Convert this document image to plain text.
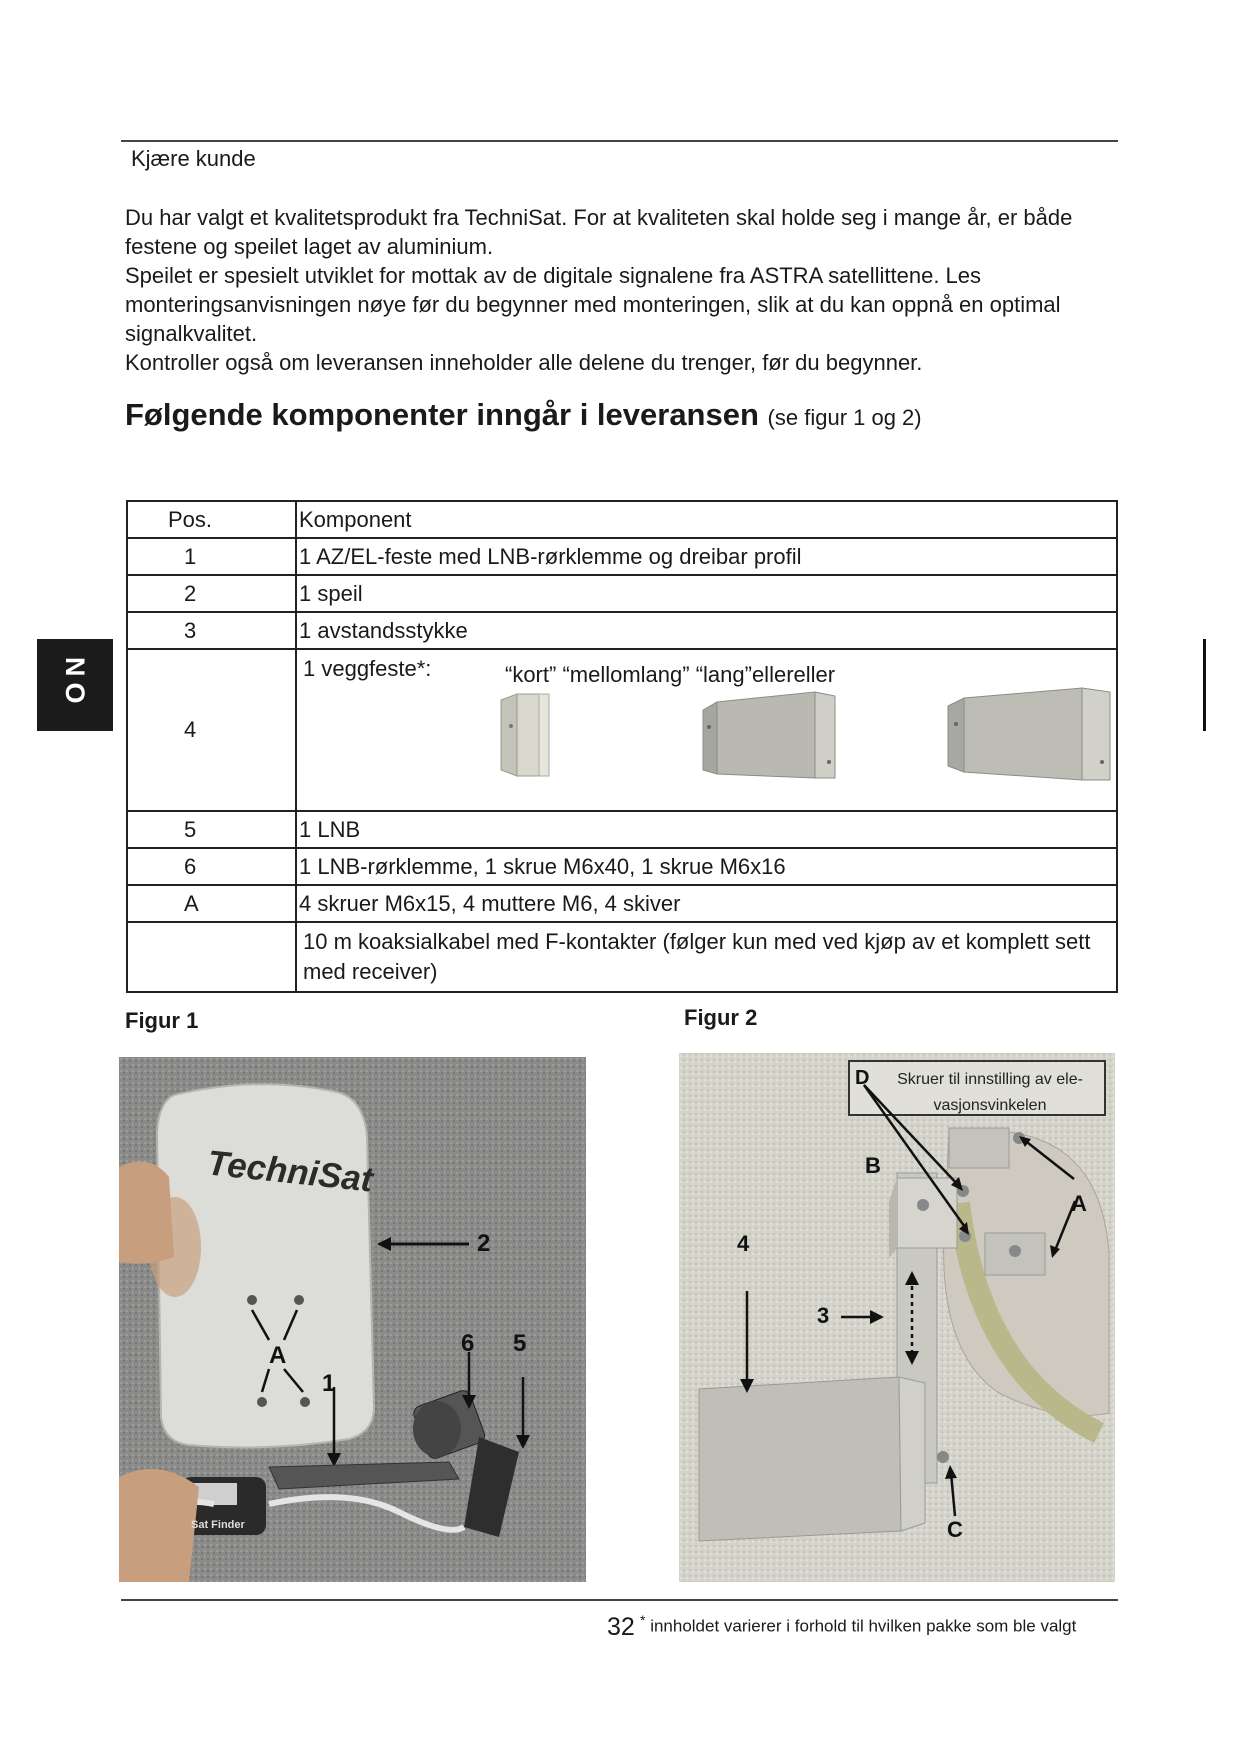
Kjære kunde

Du har valgt et kvalitetsprodukt fra TechniSat. For at kvaliteten skal holde seg i mange år, er både festene og speilet laget av aluminium.

Speilet er spesielt utviklet for mottak av de digitale signalene fra ASTRA satellittene. Les monteringsanvisningen nøye før du begynner med monteringen, slik at du kan oppnå en optimal signalkvalitet.

Kontroller også om leveransen inneholder alle delene du trenger, før du begynner.

Følgende komponenter inngår i leveransen (se figur 1 og 2)
NO
Pos.	Komponent
1	1 AZ/EL-feste med LNB-rørklemme og dreibar profil
2	1 speil
3	1 avstandsstykke
4	1 veggfeste*: “kort” “mellomlang” “lang”ellereller

5	1 LNB
6	1 LNB-rørklemme, 1 skrue M6x40, 1 skrue M6x16
A	4 skruer M6x15, 4 muttere M6, 4 skiver
	10 m koaksialkabel med F-kontakter (følger kun med ved kjøp av et komplett sett med receiver)
Figur 1	Figur 2
TechniSat
2
5
6
A
1
Sat Finder
D	Skruer til innstilling av ele-vasjonsvinkelen
B
A
4
3
C
32 * innholdet varierer i forhold til hvilken pakke som ble valgt
